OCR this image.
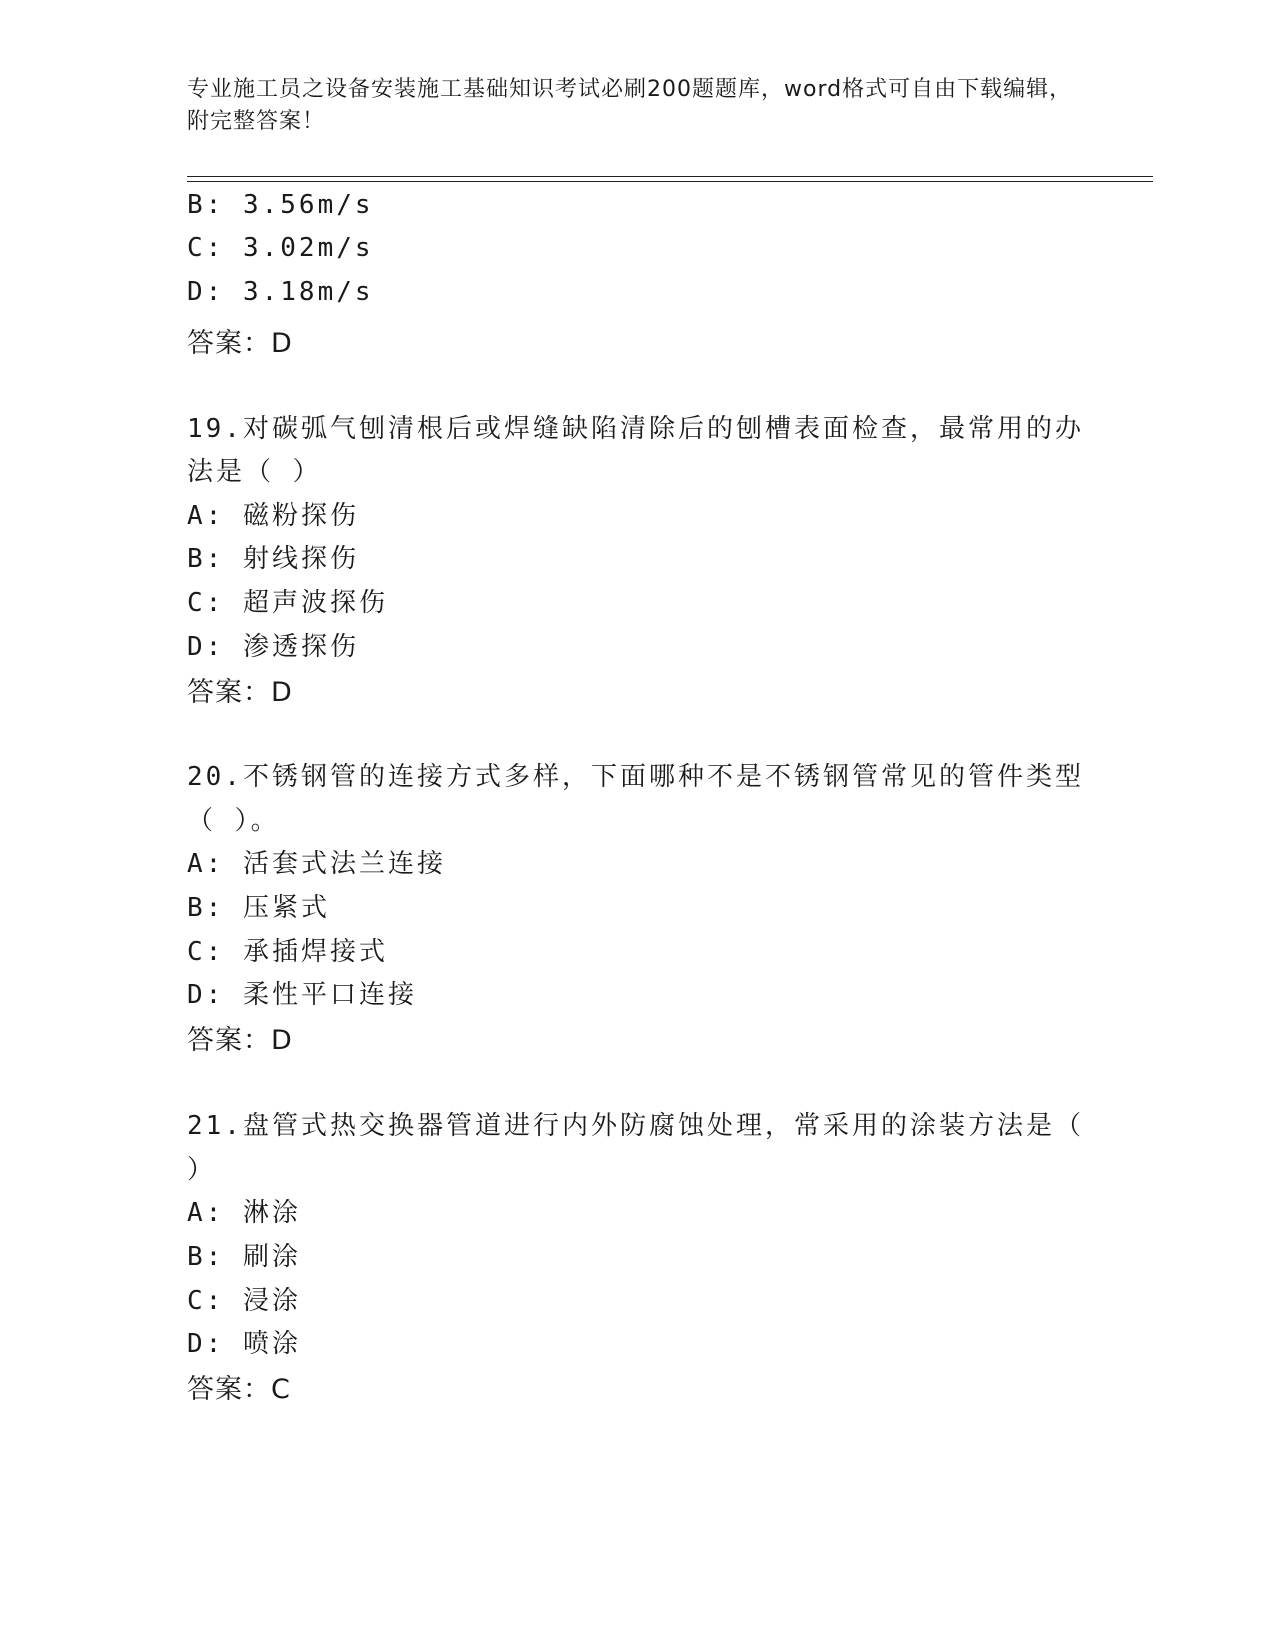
专业施工员之设备安装施工基础知识考试必刷200题题库，word格式可自由下载编辑，附完整答案！
B: 3.56m/s
C: 3.02m/s
D: 3.18m/s
答案：D
19.对碳弧气刨清根后或焊缝缺陷清除后的刨槽表面检查，最常用的办
法是（ ）
A: 磁粉探伤
B: 射线探伤
C: 超声波探伤
D: 渗透探伤
答案：D
20.不锈钢管的连接方式多样，下面哪种不是不锈钢管常见的管件类型
（ ）。
A: 活套式法兰连接
B: 压紧式
C: 承插焊接式
D: 柔性平口连接
答案：D
21.盘管式热交换器管道进行内外防腐蚀处理，常采用的涂装方法是（
）
A: 淋涂
B: 刷涂
C: 浸涂
D: 喷涂
答案：C
